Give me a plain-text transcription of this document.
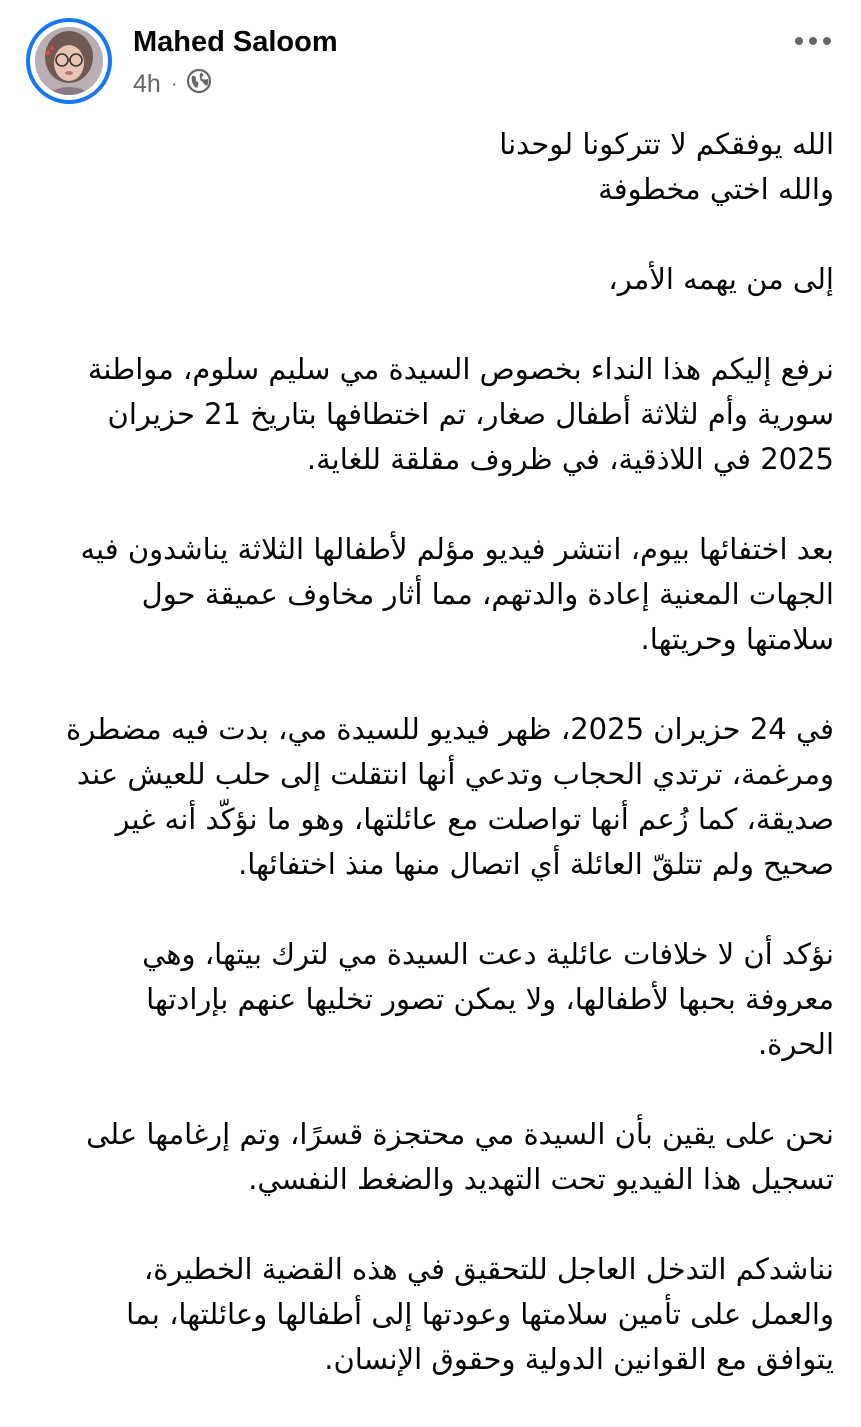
Mahed Saloom
4h ·
الله يوفقكم لا تتركونا لوحدنا
والله اختي مخطوفة
إلى من يهمه الأمر،
نرفع إليكم هذا النداء بخصوص السيدة مي سليم سلوم، مواطنة
سورية وأم لثلاثة أطفال صغار، تم اختطافها بتاريخ 21 حزيران
2025 في اللاذقية، في ظروف مقلقة للغاية.
بعد اختفائها بيوم، انتشر فيديو مؤلم لأطفالها الثلاثة يناشدون فيه
الجهات المعنية إعادة والدتهم، مما أثار مخاوف عميقة حول
سلامتها وحريتها.
في 24 حزيران 2025، ظهر فيديو للسيدة مي، بدت فيه مضطرة
ومرغمة، ترتدي الحجاب وتدعي أنها انتقلت إلى حلب للعيش عند
صديقة، كما زُعم أنها تواصلت مع عائلتها، وهو ما نؤكّد أنه غير
صحيح ولم تتلقّ العائلة أي اتصال منها منذ اختفائها.
نؤكد أن لا خلافات عائلية دعت السيدة مي لترك بيتها، وهي
معروفة بحبها لأطفالها، ولا يمكن تصور تخليها عنهم بإرادتها
الحرة.
نحن على يقين بأن السيدة مي محتجزة قسرًا، وتم إرغامها على
تسجيل هذا الفيديو تحت التهديد والضغط النفسي.
نناشدكم التدخل العاجل للتحقيق في هذه القضية الخطيرة،
والعمل على تأمين سلامتها وعودتها إلى أطفالها وعائلتها، بما
يتوافق مع القوانين الدولية وحقوق الإنسان.
